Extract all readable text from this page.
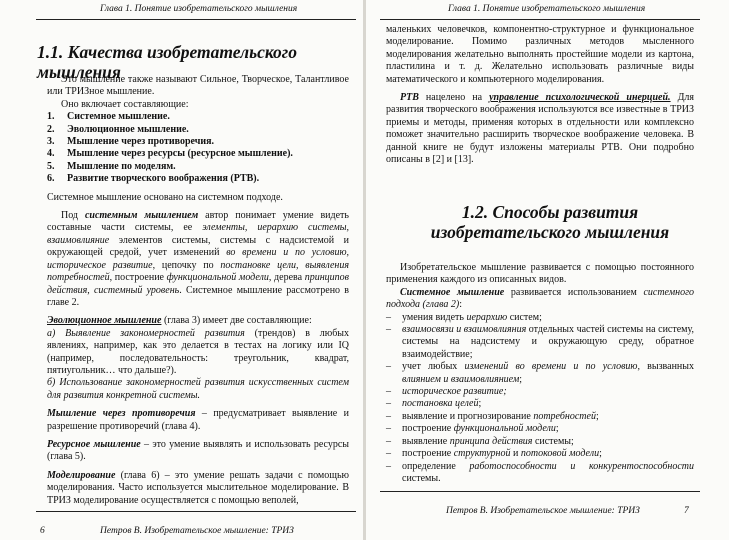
Глава 1. Понятие изобретательского мышления
1.1. Качества изобретательского мышления

Это мышление также называют Сильное, Творческое, Талантливое или ТРИЗное мышление.

Оно включает составляющие:

1. Системное мышление.
2. Эволюционное мышление.
3. Мышление через противоречия.
4. Мышление через ресурсы (ресурсное мышление).
5. Мышление по моделям.
6. Развитие творческого воображения (РТВ).

Системное мышление основано на системном подходе.

Под системным мышлением автор понимает умение видеть составные части системы, ее элементы, иерархию системы, взаимовлияние элементов системы, системы с надсистемой и окружающей средой, учет изменений во времени и по условию, историческое развитие, цепочку по постановке цели, выявления потребностей, построение функциональной модели, дерева принципов действия, системный уровень. Системное мышление рассмотрено в главе 2.

Эволюционное мышление (глава 3) имеет две составляющие:

а) Выявление закономерностей развития (трендов) в любых явлениях, например, как это делается в тестах на логику или IQ (например, последовательность: треугольник, квадрат, пятиугольник… что дальше?).

б) Использование закономерностей развития искусственных систем для развития конкретной системы.

Мышление через противоречия – предусматривает выявление и разрешение противоречий (глава 4).

Ресурсное мышление – это умение выявлять и использовать ресурсы (глава 5).

Моделирование (глава 6) – это умение решать задачи с помощью моделирования. Часто используется мыслительное моделирование. В ТРИЗ моделирование осуществляется с помощью веполей,

6	Петров В. Изобретательское мышление: ТРИЗ
Глава 1. Понятие изобретательского мышления

маленьких человечков, компонентно-структурное и функциональное моделирование. Помимо различных методов мысленного моделирования желательно выполнять простейшие модели из картона, пластилина и т. д. Желательно использовать различные виды математического и компьютерного моделирования.

РТВ нацелено на управление психологической инерцией. Для развития творческого воображения используются все известные в ТРИЗ приемы и методы, применяя которых в отдельности или комплексно поможет значительно расширить творческое воображение человека. В данной книге не будут изложены материалы РТВ. Они подробно описаны в [2] и [13].

1.2. Способы развития изобретательского мышления

Изобретательское мышление развивается с помощью постоянного применения каждого из описанных видов.

Системное мышление развивается использованием системного подхода (глава 2):

– умения видеть иерархию систем;
– взаимосвязи и взаимовлияния отдельных частей системы на систему, системы на надсистему и окружающую среду, обратное взаимодействие;
– учет любых изменений во времени и по условию, вызванных влиянием и взаимовлиянием;
– историческое развитие;
– постановка целей;
– выявление и прогнозирование потребностей;
– построение функциональной модели;
– выявление принципа действия системы;
– построение структурной и потоковой модели;
– определение работоспособности и конкурентоспособности системы.
Петров В. Изобретательское мышление: ТРИЗ	7
